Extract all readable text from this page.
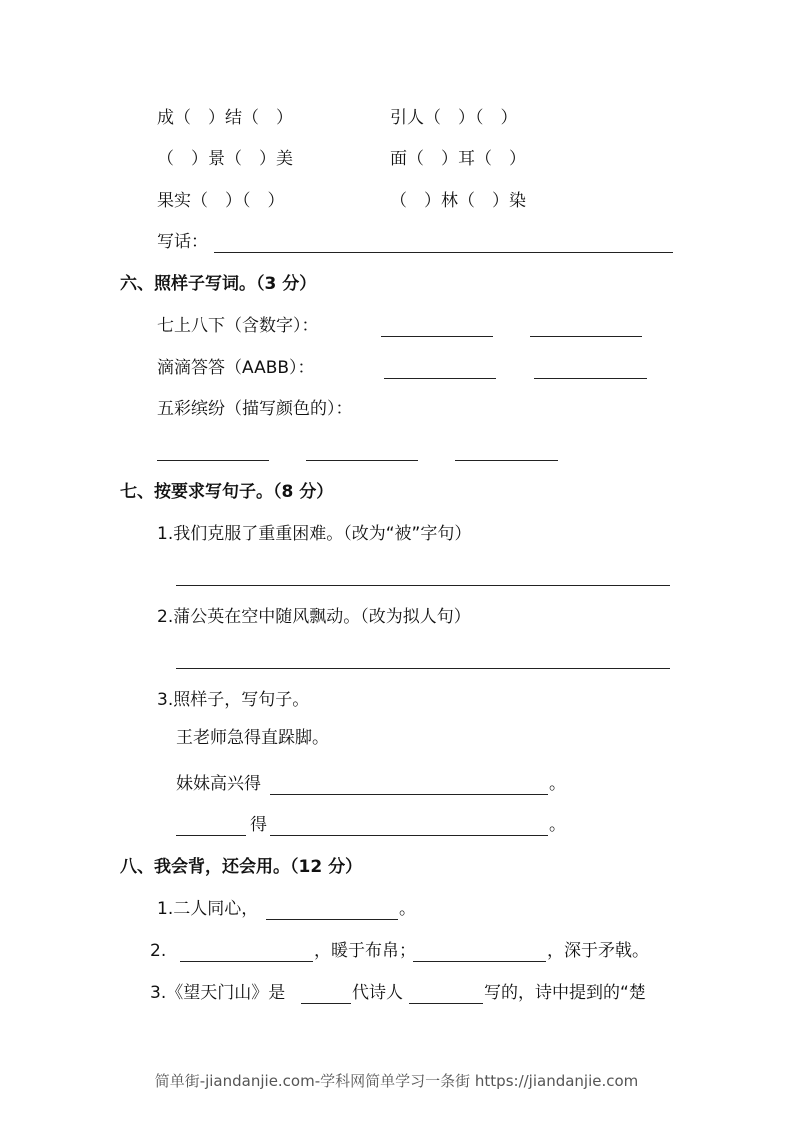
成（　）结（　）	引人（　）（　）
（　）景（　）美	面（　）耳（　）
果实（　）（　）	（　）林（　）染
写话：
六、照样子写词。（3 分）
七上八下（含数字）：
滴滴答答（AABB）：
五彩缤纷（描写颜色的）：
七、按要求写句子。（8 分）
1.我们克服了重重困难。（改为“被”字句）
2.蒲公英在空中随风飘动。（改为拟人句）
3.照样子，写句子。
王老师急得直跺脚。
妹妹高兴得	。
得	。
八、我会背，还会用。（12 分）
1.二人同心，	。
2.	，暖于布帛；	，深于矛戟。
3.《望天门山》是	代诗人	写的，诗中提到的“楚
简单街-jiandanjie.com-学科网简单学习一条街 https://jiandanjie.com
